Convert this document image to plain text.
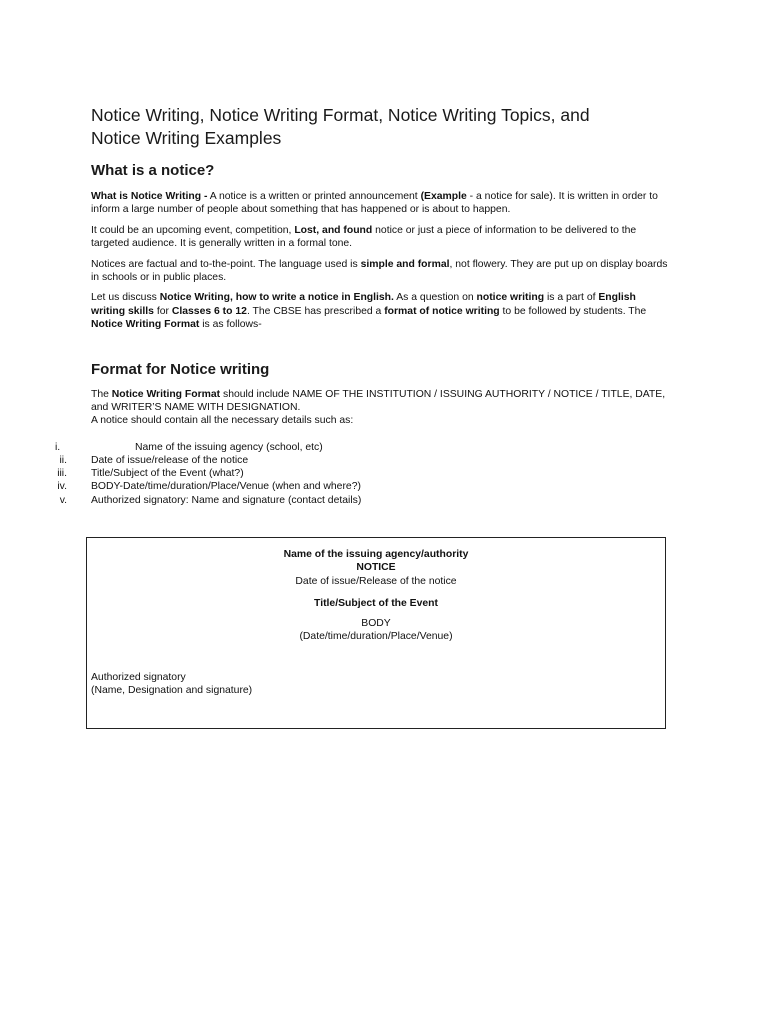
Notice Writing, Notice Writing Format, Notice Writing Topics, and
Notice Writing Examples
What is a notice?

What is Notice Writing - A notice is a written or printed announcement (Example - a notice for sale). It is written in order to inform a large number of people about something that has happened or is about to happen.

It could be an upcoming event, competition, Lost, and found notice or just a piece of information to be delivered to the targeted audience. It is generally written in a formal tone.

Notices are factual and to-the-point. The language used is simple and formal, not flowery. They are put up on display boards in schools or in public places.

Let us discuss Notice Writing, how to write a notice in English. As a question on notice writing is a part of English writing skills for Classes 6 to 12. The CBSE has prescribed a format of notice writing to be followed by students. The Notice Writing Format is as follows-

Format for Notice writing

The Notice Writing Format should include NAME OF THE INSTITUTION / ISSUING AUTHORITY / NOTICE / TITLE, DATE, and WRITER’S NAME WITH DESIGNATION.
A notice should contain all the necessary details such as:

i.	Name of the issuing agency (school, etc)
ii. Date of issue/release of the notice
iii. Title/Subject of the Event (what?)
iv. BODY-Date/time/duration/Place/Venue (when and where?)
v. Authorized signatory: Name and signature (contact details)
Name of the issuing agency/authority
NOTICE
Date of issue/Release of the notice
Title/Subject of the Event
BODY
(Date/time/duration/Place/Venue)
Authorized signatory
(Name, Designation and signature)
